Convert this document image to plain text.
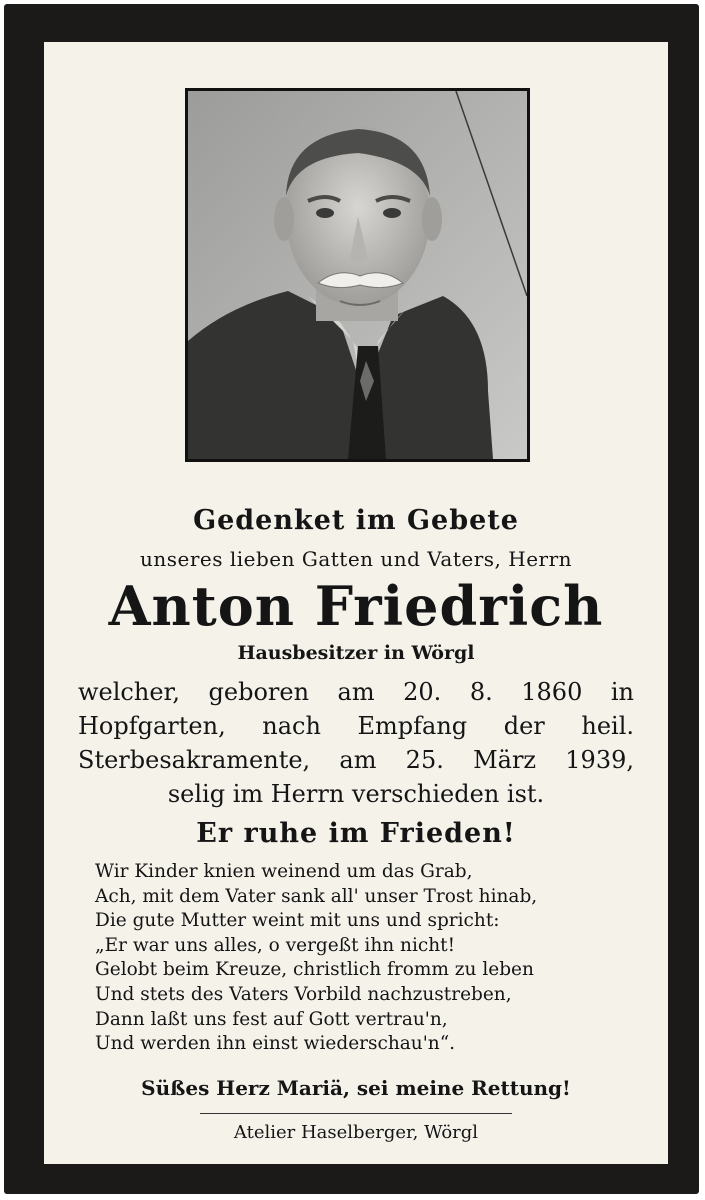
Gedenket im Gebete
unseres lieben Gatten und Vaters, Herrn
Anton Friedrich
Hausbesitzer in Wörgl
welcher, geboren am 20. 8. 1860 in
Hopfgarten, nach Empfang der heil.
Sterbesakramente, am 25. März 1939,
selig im Herrn verschieden ist.
Er ruhe im Frieden!
Wir Kinder knien weinend um das Grab,
Ach, mit dem Vater sank all' unser Trost hinab,
Die gute Mutter weint mit uns und spricht:
„Er war uns alles, o vergeßt ihn nicht!
Gelobt beim Kreuze, christlich fromm zu leben
Und stets des Vaters Vorbild nachzustreben,
Dann laßt uns fest auf Gott vertrau'n,
Und werden ihn einst wiederschau'n“.
Süßes Herz Mariä, sei meine Rettung!
Atelier Haselberger, Wörgl
